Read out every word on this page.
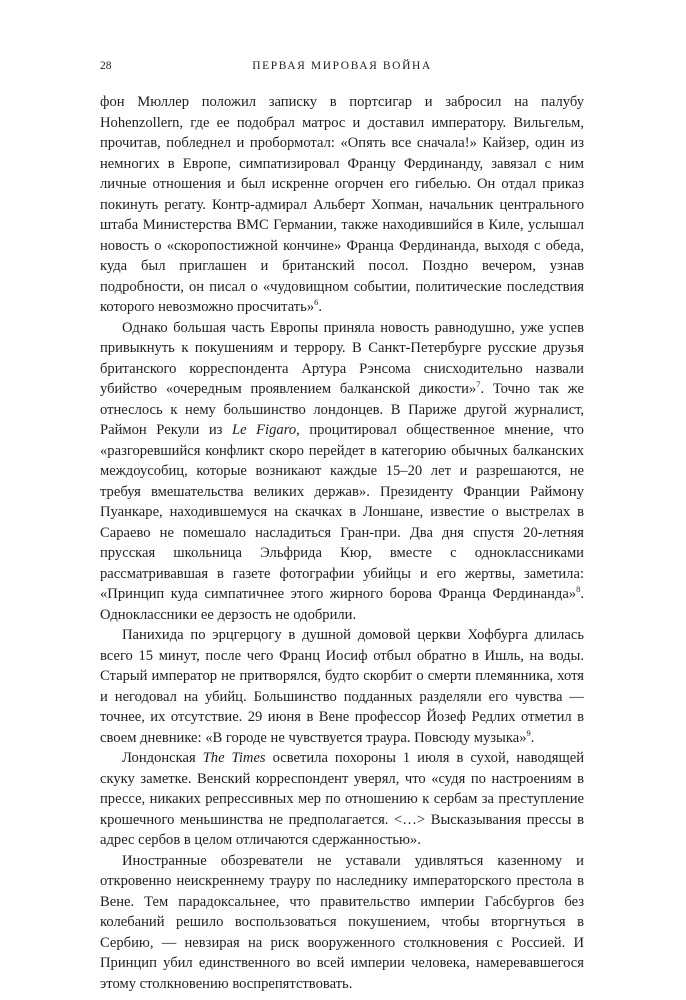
28	ПЕРВАЯ МИРОВАЯ ВОЙНА

фон Мюллер положил записку в портсигар и забросил на палубу Hohenzollern, где ее подобрал матрос и доставил императору. Вильгельм, прочитав, побледнел и пробормотал: «Опять все сначала!» Кайзер, один из немногих в Европе, симпатизировал Францу Фердинанду, завязал с ним личные отношения и был искренне огорчен его гибелью. Он отдал приказ покинуть регату. Контр-адмирал Альберт Хопман, начальник центрального штаба Министерства ВМС Германии, также находившийся в Киле, услышал новость о «скоропостижной кончине» Франца Фердинанда, выходя с обеда, куда был приглашен и британский посол. Поздно вечером, узнав подробности, он писал о «чудовищном событии, политические последствия которого невозможно просчитать»$^6$.

Однако большая часть Европы приняла новость равнодушно, уже успев привыкнуть к покушениям и террору. В Санкт-Петербурге русские друзья британского корреспондента Артура Рэнсома снисходительно назвали убийство «очередным проявлением балканской дикости»$^7$. Точно так же отнеслось к нему большинство лондонцев. В Париже другой журналист, Раймон Рекули из Le Figaro, процитировал общественное мнение, что «разгоревшийся конфликт скоро перейдет в категорию обычных балканских междоусобиц, которые возникают каждые 15–20 лет и разрешаются, не требуя вмешательства великих держав». Президенту Франции Раймону Пуанкаре, находившемуся на скачках в Лоншане, известие о выстрелах в Сараево не помешало насладиться Гран-при. Два дня спустя 20-летняя прусская школьница Эльфрида Кюр, вместе с одноклассниками рассматривавшая в газете фотографии убийцы и его жертвы, заметила: «Принцип куда симпатичнее этого жирного борова Франца Фердинанда»$^8$. Одноклассники ее дерзость не одобрили.

Панихида по эрцгерцогу в душной домовой церкви Хофбурга длилась всего 15 минут, после чего Франц Иосиф отбыл обратно в Ишль, на воды. Старый император не притворялся, будто скорбит о смерти племянника, хотя и негодовал на убийц. Большинство подданных разделяли его чувства — точнее, их отсутствие. 29 июня в Вене профессор Йозеф Редлих отметил в своем дневнике: «В городе не чувствуется траура. Повсюду музыка»$^9$.

Лондонская The Times осветила похороны 1 июля в сухой, наводящей скуку заметке. Венский корреспондент уверял, что «судя по настроениям в прессе, никаких репрессивных мер по отношению к сербам за преступление крошечного меньшинства не предполагается. <…> Высказывания прессы в адрес сербов в целом отличаются сдержанностью».

Иностранные обозреватели не уставали удивляться казенному и откровенно неискреннему трауру по наследнику императорского престола в Вене. Тем парадоксальнее, что правительство империи Габсбургов без колебаний решило воспользоваться покушением, чтобы вторгнуться в Сербию, — невзирая на риск вооруженного столкновения с Россией. И Принцип убил единственного во всей империи человека, намеревавшегося этому столкновению воспрепятствовать.
